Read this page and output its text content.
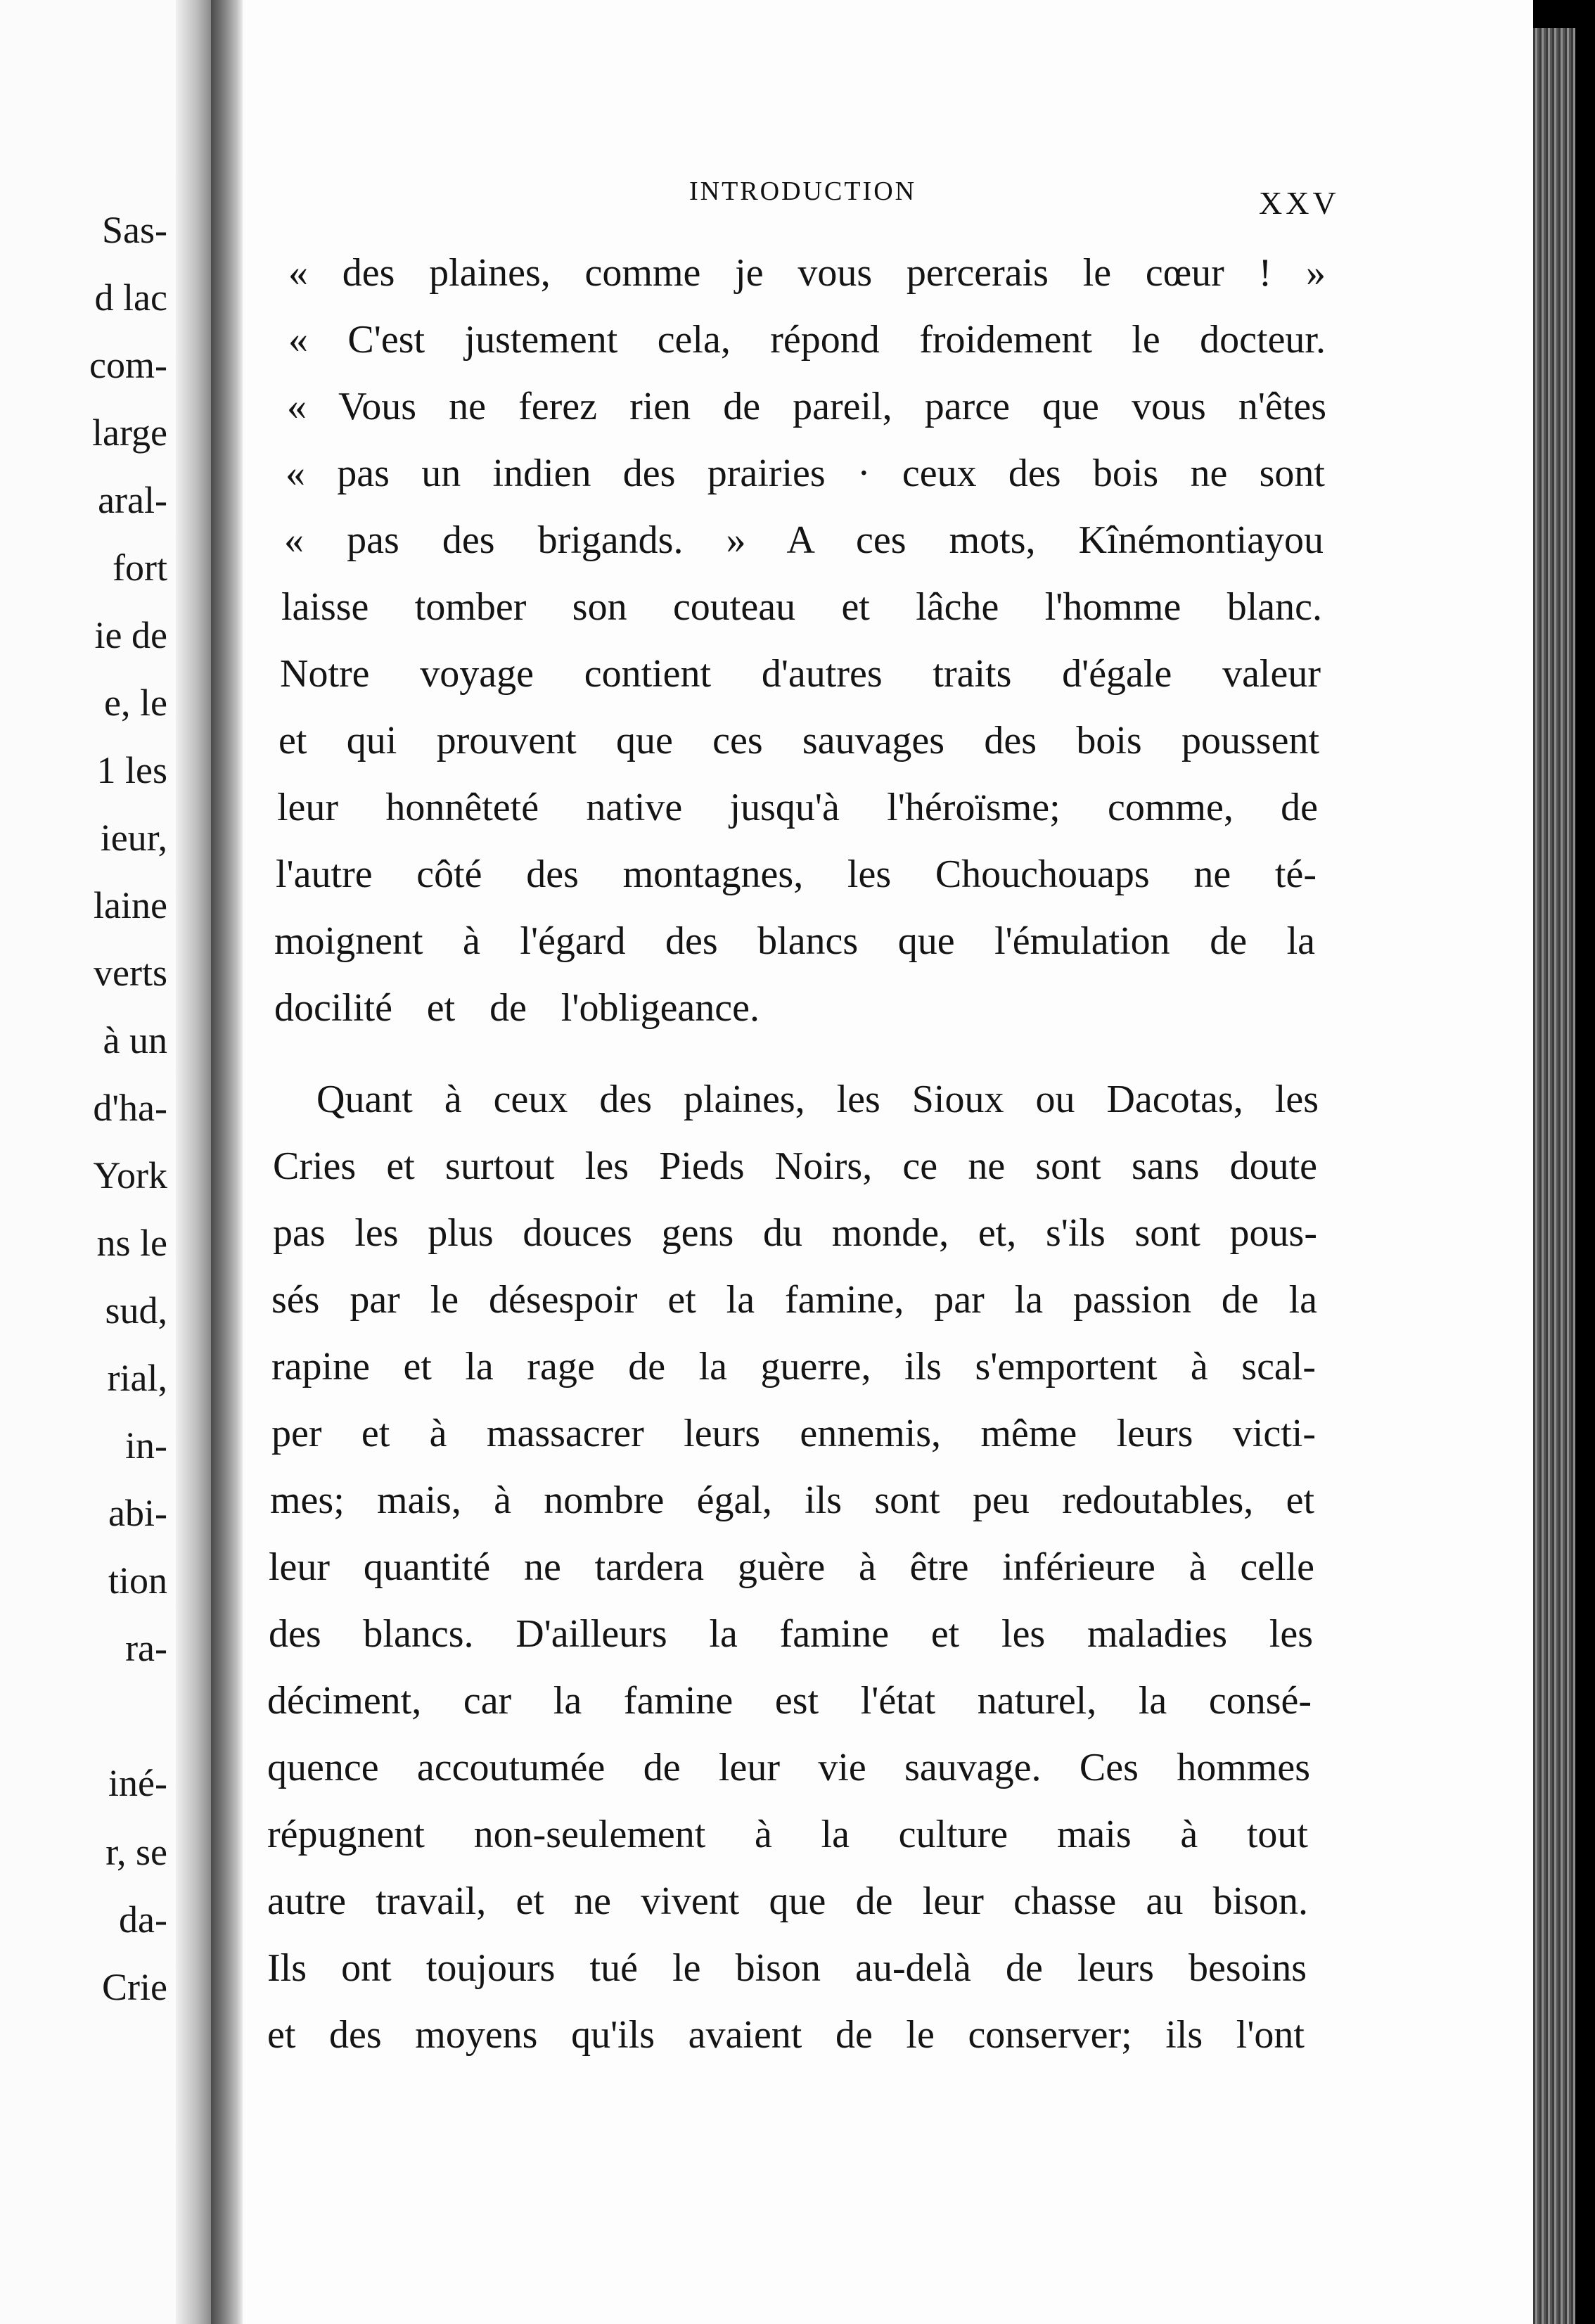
Sas-
d lac
com-
large
aral-
fort
ie de
e, le
1 les
ieur,
laine
verts
à un
d'ha-
York
ns le
sud,
rial,
in-
abi-
tion
ra-
iné-
r, se
da-
Crie
INTRODUCTION	XXV
« des plaines, comme je vous percerais le cœur ! »
« C'est justement cela, répond froidement le docteur.
« Vous ne ferez rien de pareil, parce que vous n'êtes
« pas un indien des prairies · ceux des bois ne sont
« pas des brigands. » A ces mots, Kînémontiayou
laisse tomber son couteau et lâche l'homme blanc.
Notre voyage contient d'autres traits d'égale valeur
et qui prouvent que ces sauvages des bois poussent
leur honnêteté native jusqu'à l'héroïsme; comme, de
l'autre côté des montagnes, les Chouchouaps ne té-
moignent à l'égard des blancs que l'émulation de la
docilité et de l'obligeance.
Quant à ceux des plaines, les Sioux ou Dacotas, les
Cries et surtout les Pieds Noirs, ce ne sont sans doute
pas les plus douces gens du monde, et, s'ils sont pous-
sés par le désespoir et la famine, par la passion de la
rapine et la rage de la guerre, ils s'emportent à scal-
per et à massacrer leurs ennemis, même leurs victi-
mes; mais, à nombre égal, ils sont peu redoutables, et
leur quantité ne tardera guère à être inférieure à celle
des blancs. D'ailleurs la famine et les maladies les
déciment, car la famine est l'état naturel, la consé-
quence accoutumée de leur vie sauvage. Ces hommes
répugnent non-seulement à la culture mais à tout
autre travail, et ne vivent que de leur chasse au bison.
Ils ont toujours tué le bison au-delà de leurs besoins
et des moyens qu'ils avaient de le conserver; ils l'ont
